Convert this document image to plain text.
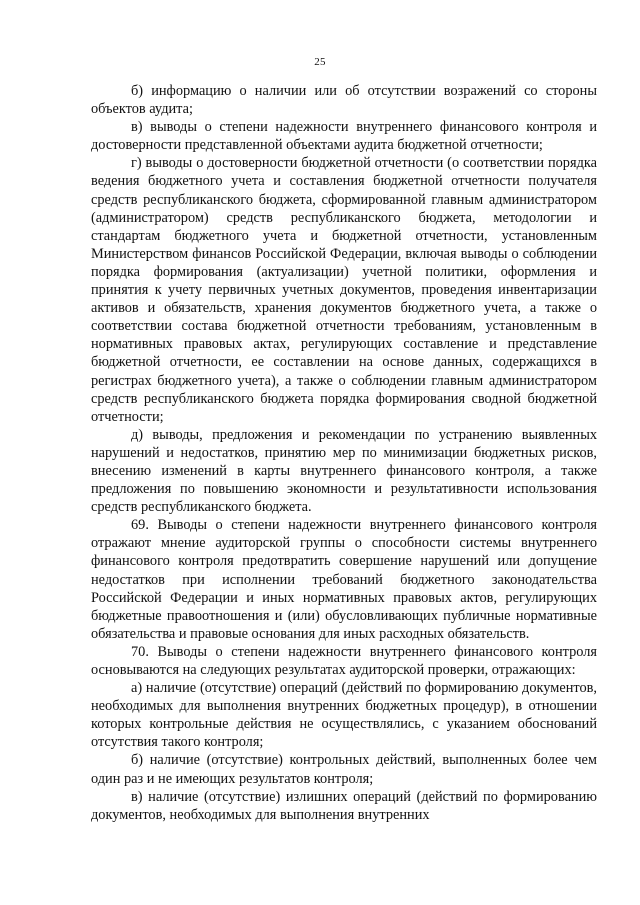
25

б) информацию о наличии или об отсутствии возражений со стороны объектов аудита;

в) выводы о степени надежности внутреннего финансового контроля и достоверности представленной объектами аудита бюджетной отчетности;

г) выводы о достоверности бюджетной отчетности (о соответствии порядка ведения бюджетного учета и составления бюджетной отчетности получателя средств республиканского бюджета, сформированной главным администратором (администратором) средств республиканского бюджета, методологии и стандартам бюджетного учета и бюджетной отчетности, установленным Министерством финансов Российской Федерации, включая выводы о соблюдении порядка формирования (актуализации) учетной политики, оформления и принятия к учету первичных учетных документов, проведения инвентаризации активов и обязательств, хранения документов бюджетного учета, а также о соответствии состава бюджетной отчетности требованиям, установленным в нормативных правовых актах, регулирующих составление и представление бюджетной отчетности, ее составлении на основе данных, содержащихся в регистрах бюджетного учета), а также о соблюдении главным администратором средств республиканского бюджета порядка формирования сводной бюджетной отчетности;

д) выводы, предложения и рекомендации по устранению выявленных нарушений и недостатков, принятию мер по минимизации бюджетных рисков, внесению изменений в карты внутреннего финансового контроля, а также предложения по повышению экономности и результативности использования средств республиканского бюджета.

69. Выводы о степени надежности внутреннего финансового контроля отражают мнение аудиторской группы о способности системы внутреннего финансового контроля предотвратить совершение нарушений или допущение недостатков при исполнении требований бюджетного законодательства Российской Федерации и иных нормативных правовых актов, регулирующих бюджетные правоотношения и (или) обусловливающих публичные нормативные обязательства и правовые основания для иных расходных обязательств.

70. Выводы о степени надежности внутреннего финансового контроля основываются на следующих результатах аудиторской проверки, отражающих:

а) наличие (отсутствие) операций (действий по формированию документов, необходимых для выполнения внутренних бюджетных процедур), в отношении которых контрольные действия не осуществлялись, с указанием обоснований отсутствия такого контроля;

б) наличие (отсутствие) контрольных действий, выполненных более чем один раз и не имеющих результатов контроля;

в) наличие (отсутствие) излишних операций (действий по формированию документов, необходимых для выполнения внутренних
